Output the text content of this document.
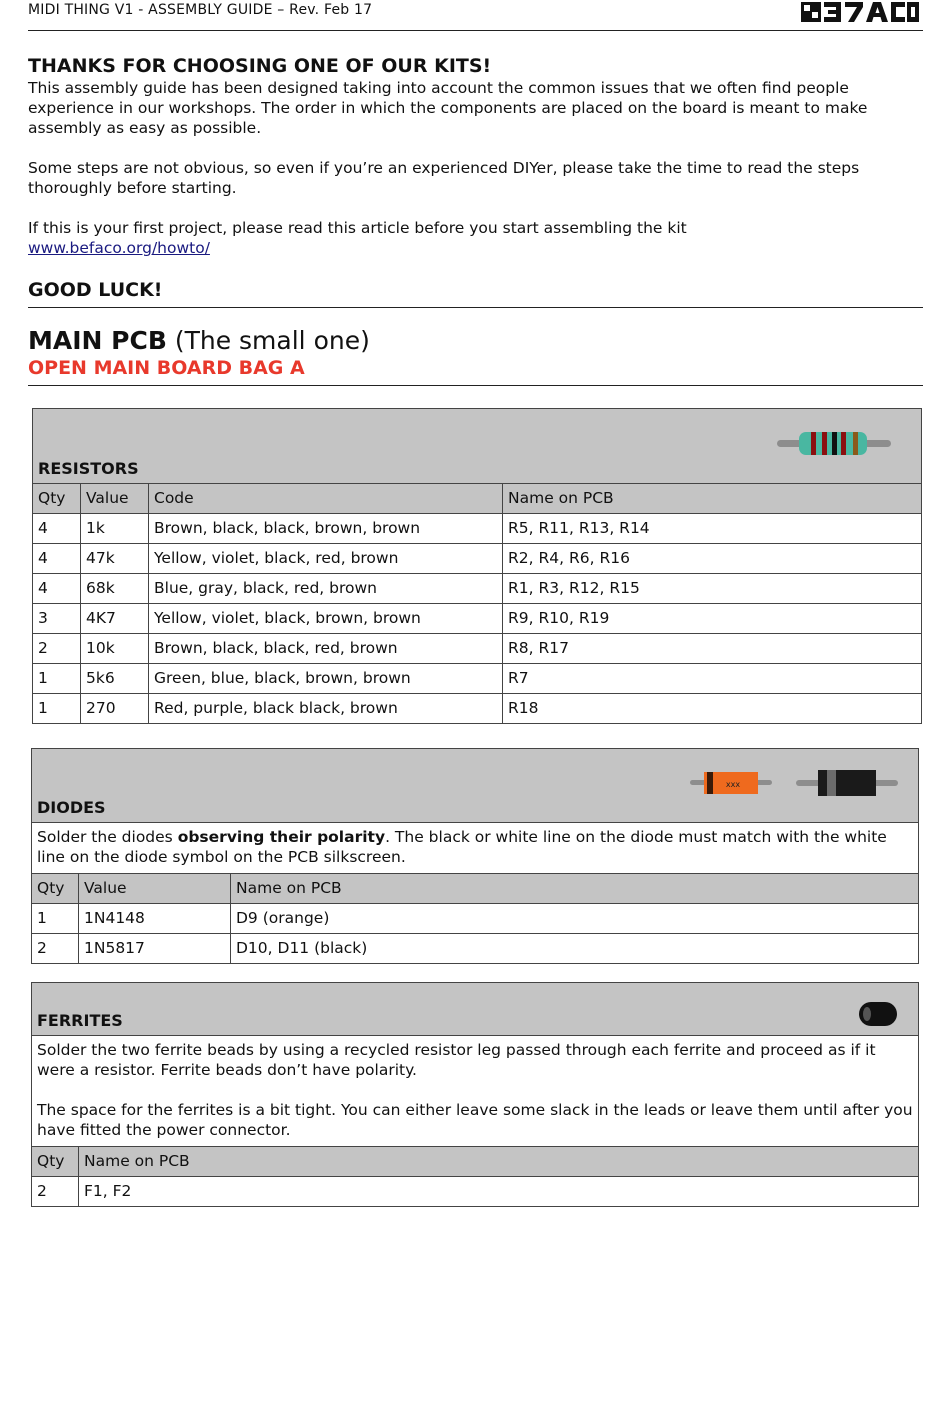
MIDI THING V1 - ASSEMBLY GUIDE – Rev. Feb 17
THANKS FOR CHOOSING ONE OF OUR KITS!

This assembly guide has been designed taking into account the common issues that we often find people experience in our workshops. The order in which the components are placed on the board is meant to make assembly as easy as possible.

Some steps are not obvious, so even if you’re an experienced DIYer, please take the time to read the steps thoroughly before starting.

If this is your first project, please read this article before you start assembling the kit

www.befaco.org/howto/

GOOD LUCK!
MAIN PCB (The small one)
OPEN MAIN BOARD BAG A
RESISTORS
Qty	Value	Code	Name on PCB
4	1k	Brown, black, black, brown, brown	R5, R11, R13, R14
4	47k	Yellow, violet, black, red, brown	R2, R4, R6, R16
4	68k	Blue, gray, black, red, brown	R1, R3, R12, R15
3	4K7	Yellow, violet, black, brown, brown	R9, R10, R19
2	10k	Brown, black, black, red, brown	R8, R17
1	5k6	Green, blue, black, brown, brown	R7
1	270	Red, purple, black black, brown	R18
DIODES
xxx
Solder the diodes observing their polarity. The black or white line on the diode must match with the white line on the diode symbol on the PCB silkscreen.
Qty	Value	Name on PCB
1	1N4148	D9 (orange)
2	1N5817	D10, D11 (black)
FERRITES

Solder the two ferrite beads by using a recycled resistor leg passed through each ferrite and proceed as if it were a resistor. Ferrite beads don’t have polarity.

The space for the ferrites is a bit tight. You can either leave some slack in the leads or leave them until after you have fitted the power connector.

Qty	Name on PCB
2	F1, F2
